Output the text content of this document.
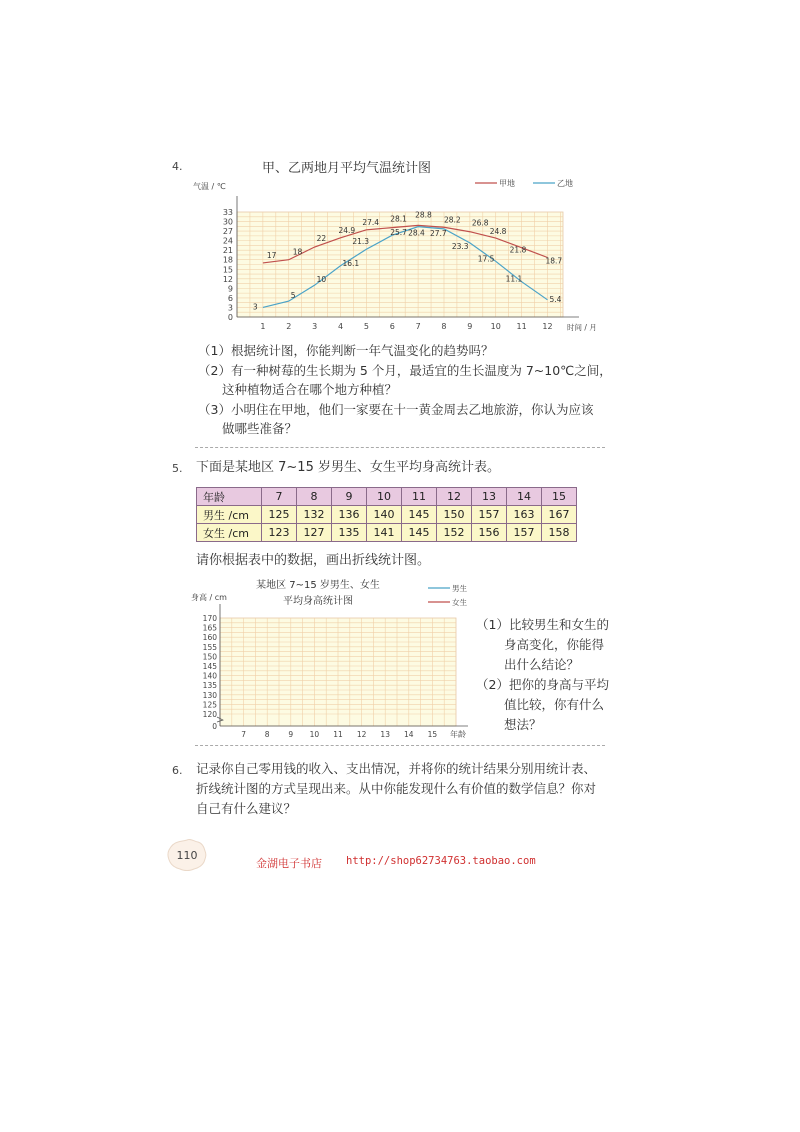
4.	甲、乙两地月平均气温统计图
0
3
6
9
12
15
18
21
24
27
30
33
1	2	3	4	5	6	7	8	9 10 11 12
气温 / ℃
时间 / 月
甲地	乙地
17 18
22
24.9
27.4 28.1 28.8
28.2 26.8
24.8
21.8
18.7
3
5
10
16.1
21.3
25.7 28.4 27.7
23.3
17.5
11.1
5.4
（1）根据统计图，你能判断一年气温变化的趋势吗？
（2）有一种树莓的生长期为 5 个月，最适宜的生长温度为 7~10℃之间，
这种植物适合在哪个地方种植？
（3）小明住在甲地，他们一家要在十一黄金周去乙地旅游，你认为应该
做哪些准备？
5. 下面是某地区 7~15 岁男生、女生平均身高统计表。
年龄	7	8	9	10	11	12	13	14	15
男生 /cm	125	132	136	140	145	150	157	163	167
女生 /cm	123	127	135	141	145	152	156	157	158
请你根据表中的数据，画出折线统计图。
某地区 7~15 岁男生、女生
平均身高统计图
男生
女生
身高 / cm
120
125
130
135
140
145
150
155
160
165
170
0
7	8	9 10 11 12 13 14 15 年龄
（1）比较男生和女生的
身高变化，你能得
出什么结论？
（2）把你的身高与平均
值比较，你有什么
想法？
6. 记录你自己零用钱的收入、支出情况，并将你的统计结果分别用统计表、
折线统计图的方式呈现出来。从中你能发现什么有价值的数学信息？你对
自己有什么建议？
110
金湖电子书店 http://shop62734763.taobao.com
